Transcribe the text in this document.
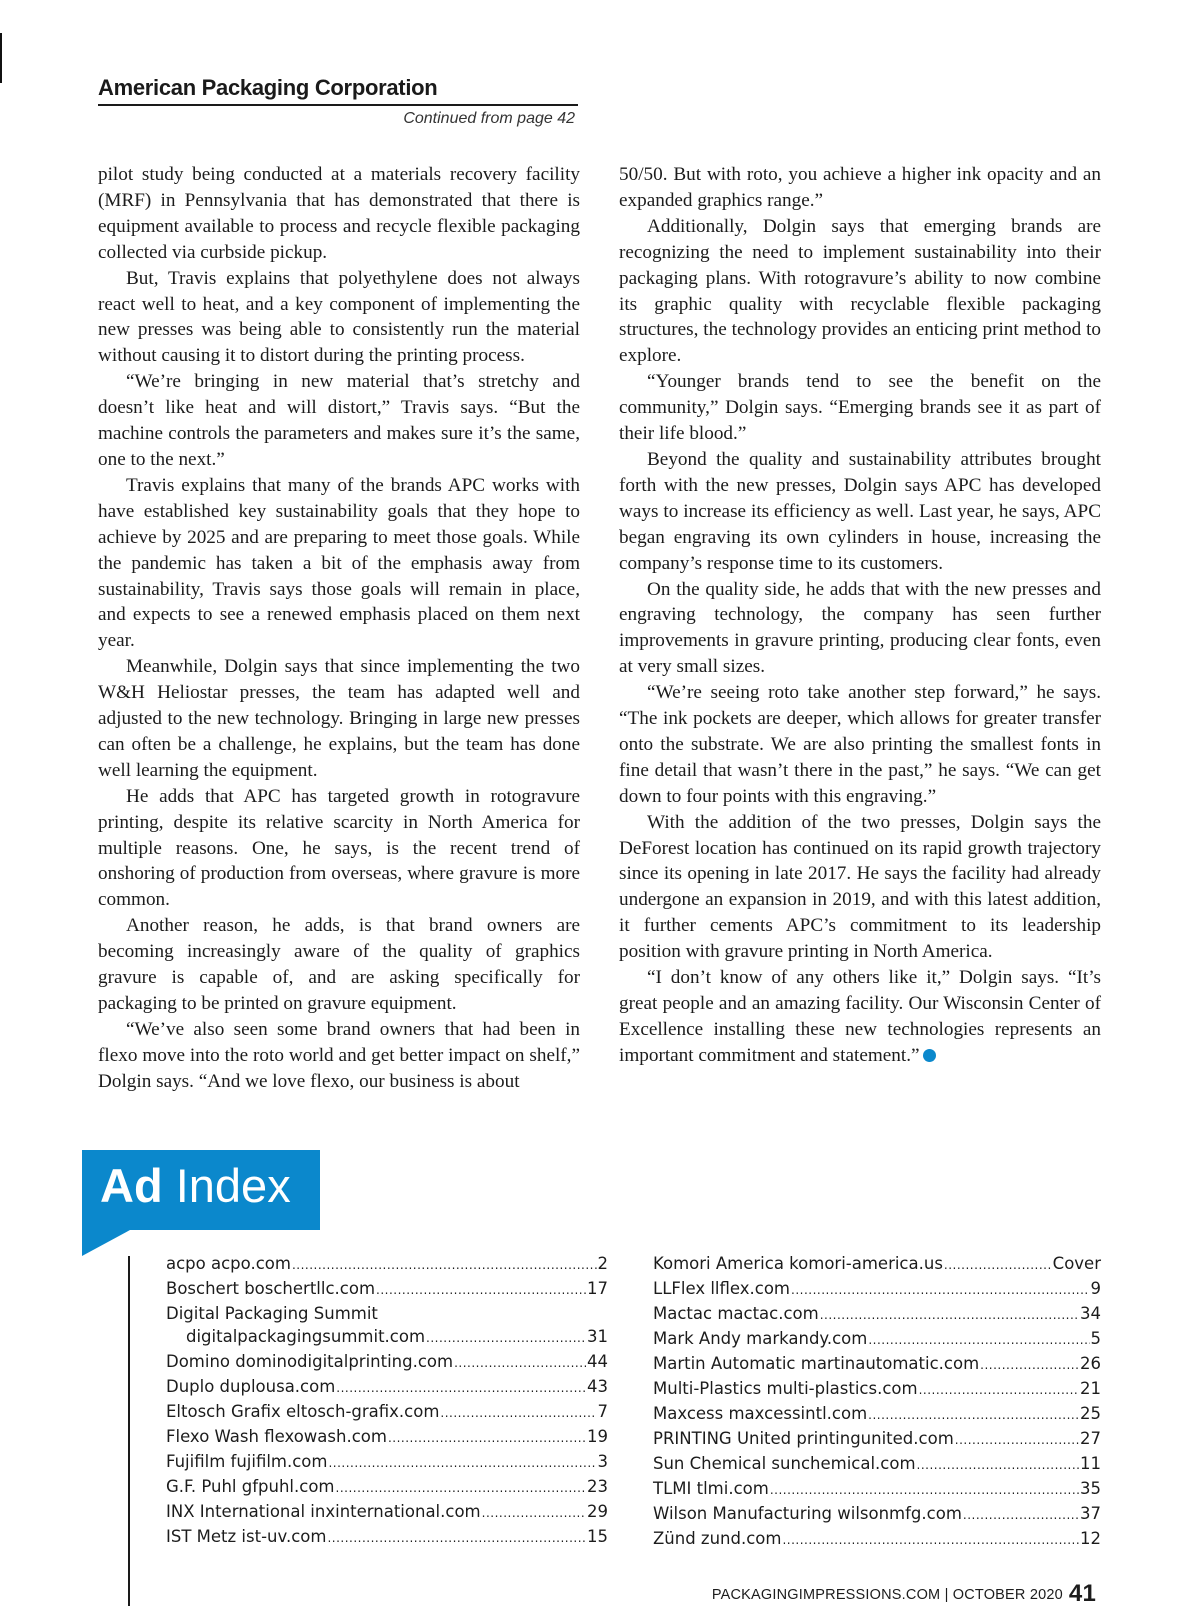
American Packaging Corporation
Continued from page 42

pilot study being conducted at a materials recovery facility (MRF) in Pennsylvania that has demonstrated that there is equipment available to process and recycle flexible packaging collected via curbside pickup.

But, Travis explains that polyethylene does not always react well to heat, and a key component of implementing the new presses was being able to consistently run the material without causing it to distort during the printing process.

“We’re bringing in new material that’s stretchy and doesn’t like heat and will distort,” Travis says. “But the machine controls the parameters and makes sure it’s the same, one to the next.”

Travis explains that many of the brands APC works with have established key sustainability goals that they hope to achieve by 2025 and are preparing to meet those goals. While the pandemic has taken a bit of the emphasis away from sustainability, Travis says those goals will remain in place, and expects to see a renewed emphasis placed on them next year.

Meanwhile, Dolgin says that since implementing the two W&H Heliostar presses, the team has adapted well and adjusted to the new technology. Bringing in large new presses can often be a challenge, he explains, but the team has done well learning the equipment.

He adds that APC has targeted growth in rotogravure printing, despite its relative scarcity in North America for multiple reasons. One, he says, is the recent trend of onshoring of production from overseas, where gravure is more common.

Another reason, he adds, is that brand owners are becoming increasingly aware of the quality of graphics gravure is capable of, and are asking specifically for packaging to be printed on gravure equipment.

“We’ve also seen some brand owners that had been in flexo move into the roto world and get better impact on shelf,” Dolgin says. “And we love flexo, our business is about

50/50. But with roto, you achieve a higher ink opacity and an expanded graphics range.”

Additionally, Dolgin says that emerging brands are recognizing the need to implement sustainability into their packaging plans. With rotogravure’s ability to now combine its graphic quality with recyclable flexible packaging structures, the technology provides an enticing print method to explore.

“Younger brands tend to see the benefit on the community,” Dolgin says. “Emerging brands see it as part of their life blood.”

Beyond the quality and sustainability attributes brought forth with the new presses, Dolgin says APC has developed ways to increase its efficiency as well. Last year, he says, APC began engraving its own cylinders in house, increasing the company’s response time to its customers.

On the quality side, he adds that with the new presses and engraving technology, the company has seen further improvements in gravure printing, producing clear fonts, even at very small sizes.

“We’re seeing roto take another step forward,” he says. “The ink pockets are deeper, which allows for greater transfer onto the substrate. We are also printing the smallest fonts in fine detail that wasn’t there in the past,” he says. “We can get down to four points with this engraving.”

With the addition of the two presses, Dolgin says the DeForest location has continued on its rapid growth trajectory since its opening in late 2017. He says the facility had already undergone an expansion in 2019, and with this latest addition, it further cements APC’s commitment to its leadership position with gravure printing in North America.

“I don’t know of any others like it,” Dolgin says. “It’s great people and an amazing facility. Our Wisconsin Center of Excellence installing these new technologies represents an important commitment and statement.”

Ad Index
acpo acpo.com .....	2
Boschert boschertllc.com .....	17
Digital Packaging Summit
digitalpackagingsummit.com .....	31
Domino dominodigitalprinting.com .....	44
Duplo duplousa.com .....	43
Eltosch Grafix eltosch-grafix.com .....	7
Flexo Wash flexowash.com .....	19
Fujifilm fujifilm.com .....	3
G.F. Puhl gfpuhl.com .....	23
INX International inxinternational.com .....	29
IST Metz ist-uv.com .....	15
Komori America komori-america.us .....	Cover
LLFlex llflex.com .....	9
Mactac mactac.com .....	34
Mark Andy markandy.com .....	5
Martin Automatic martinautomatic.com .....	26
Multi-Plastics multi-plastics.com .....	21
Maxcess maxcessintl.com .....	25
PRINTING United printingunited.com .....	27
Sun Chemical sunchemical.com .....	11
TLMI tlmi.com .....	35
Wilson Manufacturing wilsonmfg.com .....	37
Zünd zund.com .....	12
PACKAGINGIMPRESSIONS.COM | OCTOBER 2020 41
